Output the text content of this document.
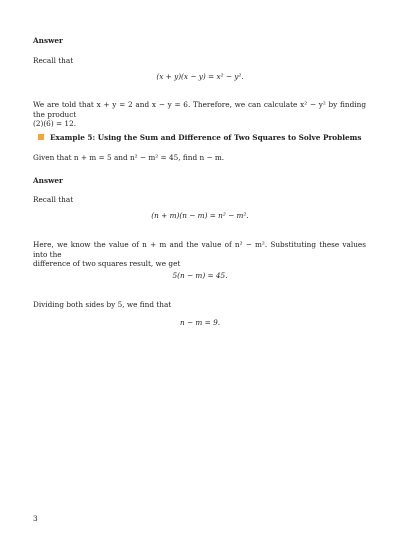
Answer
Recall that
(x + y)(x − y) = x² − y².
We are told that x + y = 2 and x − y = 6. Therefore, we can calculate x² − y² by finding the product
(2)(6) = 12.
Example 5: Using the Sum and Difference of Two Squares to Solve Problems
Given that n + m = 5 and n² − m² = 45, find n − m.
Answer
Recall that
(n + m)(n − m) = n² − m².
Here, we know the value of n + m and the value of n² − m². Substituting these values into the
difference of two squares result, we get
5(n − m) = 45.
Dividing both sides by 5, we find that
n − m = 9.
3
